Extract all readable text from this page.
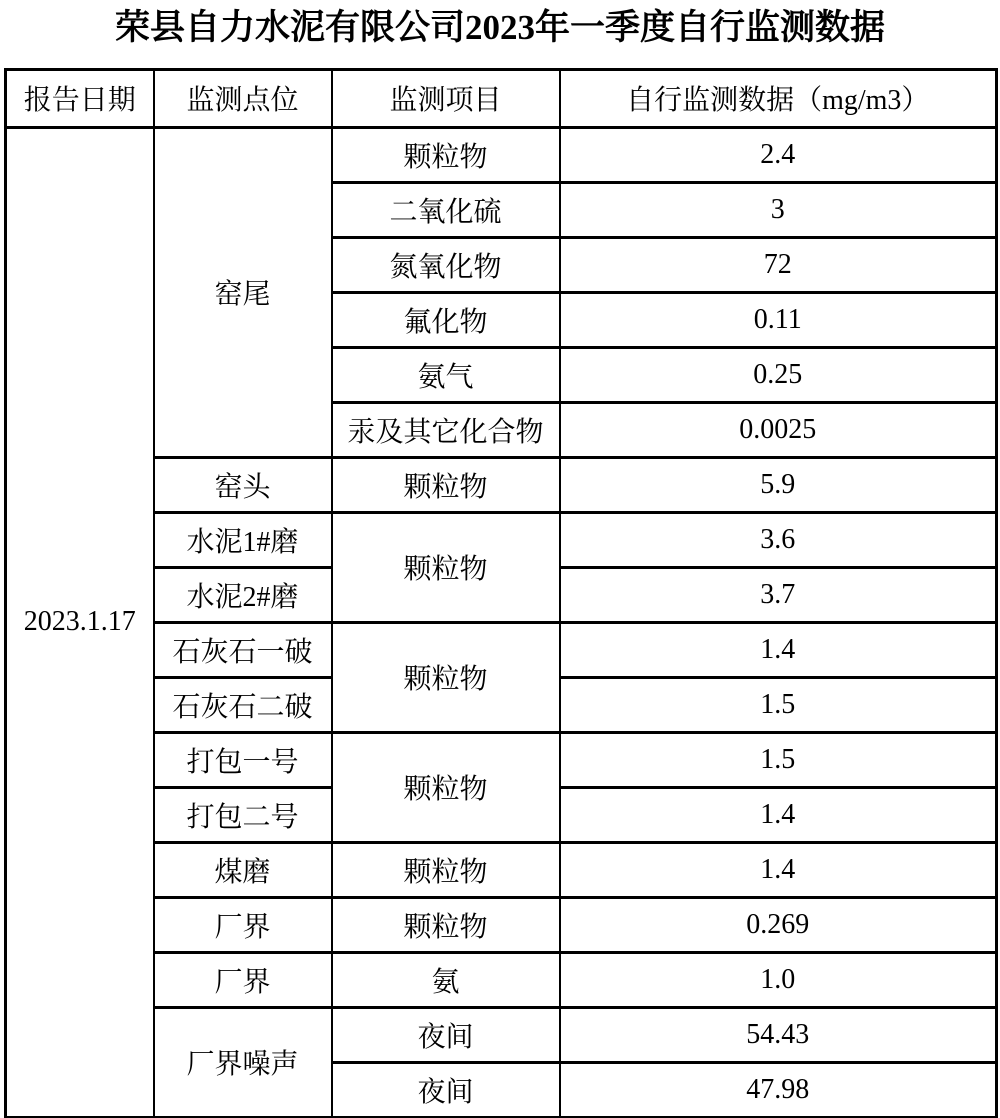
荣县自力水泥有限公司2023年一季度自行监测数据
报告日期	监测点位	监测项目	自行监测数据（mg/m3）
2023.1.17	窑尾	颗粒物	2.4
		二氧化硫	3
		氮氧化物	72
		氟化物	0.11
		氨气	0.25
		汞及其它化合物	0.0025
	窑头	颗粒物	5.9
	水泥1#磨	颗粒物	3.6
	水泥2#磨		3.7
	石灰石一破	颗粒物	1.4
	石灰石二破		1.5
	打包一号	颗粒物	1.5
	打包二号		1.4
	煤磨	颗粒物	1.4
	厂界	颗粒物	0.269
	厂界	氨	1.0
	厂界噪声	夜间	54.43
		夜间	47.98
